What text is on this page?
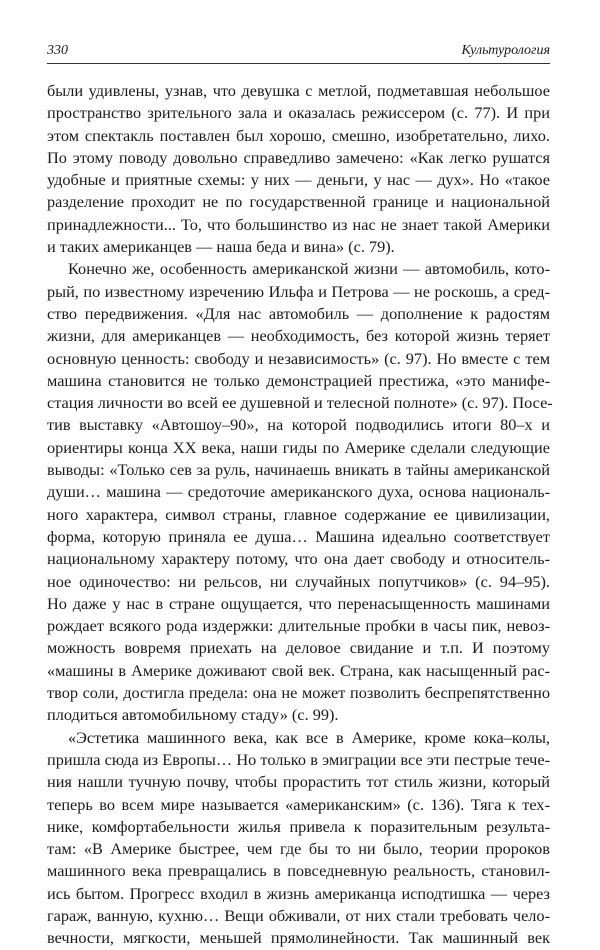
330	Культурология
были удивлены, узнав, что девушка с метлой, подметавшая небольшое
пространство зрительного зала и оказалась режиссером (с. 77). И при
этом спектакль поставлен был хорошо, смешно, изобретательно, лихо.
По этому поводу довольно справедливо замечено: «Как легко рушатся
удобные и приятные схемы: у них — деньги, у нас — дух». Но «такое
разделение проходит не по государственной границе и национальной
принадлежности... То, что большинство из нас не знает такой Америки
и таких американцев — наша беда и вина» (с. 79).
Конечно же, особенность американской жизни — автомобиль, кото-
рый, по известному изречению Ильфа и Петрова — не роскошь, а сред-
ство передвижения. «Для нас автомобиль — дополнение к радостям
жизни, для американцев — необходимость, без которой жизнь теряет
основную ценность: свободу и независимость» (с. 97). Но вместе с тем
машина становится не только демонстрацией престижа, «это манифе-
стация личности во всей ее душевной и телесной полноте» (с. 97). Посе-
тив выставку «Автошоу–90», на которой подводились итоги 80–х и
ориентиры конца XX века, наши гиды по Америке сделали следующие
выводы: «Только сев за руль, начинаешь вникать в тайны американской
души… машина — средоточие американского духа, основа националь-
ного характера, символ страны, главное содержание ее цивилизации,
форма, которую приняла ее душа… Машина идеально соответствует
национальному характеру потому, что она дает свободу и относитель-
ное одиночество: ни рельсов, ни случайных попутчиков» (с. 94–95).
Но даже у нас в стране ощущается, что перенасыщенность машинами
рождает всякого рода издержки: длительные пробки в часы пик, невоз-
можность вовремя приехать на деловое свидание и т.п. И поэтому
«машины в Америке доживают свой век. Страна, как насыщенный рас-
твор соли, достигла предела: она не может позволить беспрепятственно
плодиться автомобильному стаду» (с. 99).
«Эстетика машинного века, как все в Америке, кроме кока–колы,
пришла сюда из Европы… Но только в эмиграции все эти пестрые тече-
ния нашли тучную почву, чтобы прорастить тот стиль жизни, который
теперь во всем мире называется «американским» (с. 136). Тяга к тех-
нике, комфортабельности жилья привела к поразительным результа-
там: «В Америке быстрее, чем где бы то ни было, теории пророков
машинного века превращались в повседневную реальность, становил-
ись бытом. Прогресс входил в жизнь американца исподтишка — через
гараж, ванную, кухню… Вещи обживали, от них стали требовать чело-
вечности, мягкости, меньшей прямолинейности. Так машинный век
